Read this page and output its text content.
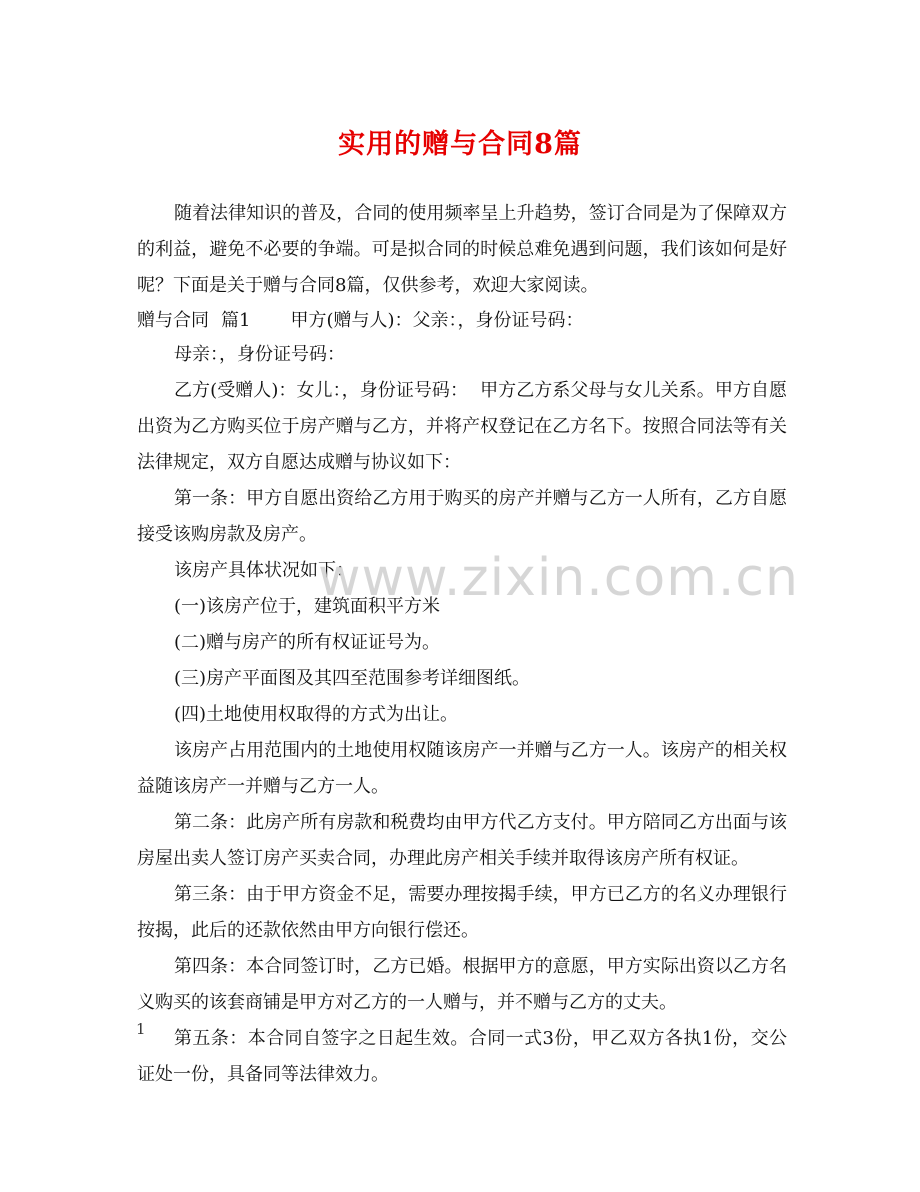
实用的赠与合同8篇

随着法律知识的普及，合同的使用频率呈上升趋势，签订合同是为了保障双方的利益，避免不必要的争端。可是拟合同的时候总难免遇到问题，我们该如何是好呢？下面是关于赠与合同8篇，仅供参考，欢迎大家阅读。

赠与合同 篇1 甲方(赠与人)：父亲：，身份证号码：

母亲：，身份证号码：

乙方(受赠人)：女儿：，身份证号码： 甲方乙方系父母与女儿关系。甲方自愿出资为乙方购买位于房产赠与乙方，并将产权登记在乙方名下。按照合同法等有关法律规定，双方自愿达成赠与协议如下：

第一条：甲方自愿出资给乙方用于购买的房产并赠与乙方一人所有，乙方自愿接受该购房款及房产。

该房产具体状况如下：

(一)该房产位于，建筑面积平方米

(二)赠与房产的所有权证证号为。

(三)房产平面图及其四至范围参考详细图纸。

(四)土地使用权取得的方式为出让。

该房产占用范围内的土地使用权随该房产一并赠与乙方一人。该房产的相关权益随该房产一并赠与乙方一人。

第二条：此房产所有房款和税费均由甲方代乙方支付。甲方陪同乙方出面与该房屋出卖人签订房产买卖合同，办理此房产相关手续并取得该房产所有权证。

第三条：由于甲方资金不足，需要办理按揭手续，甲方已乙方的名义办理银行按揭，此后的还款依然由甲方向银行偿还。

第四条：本合同签订时，乙方已婚。根据甲方的意愿，甲方实际出资以乙方名义购买的该套商铺是甲方对乙方的一人赠与，并不赠与乙方的丈夫。

第五条：本合同自签字之日起生效。合同一式3份，甲乙双方各执1份，交公证处一份，具备同等法律效力。

www.zixin.com.cn
1
